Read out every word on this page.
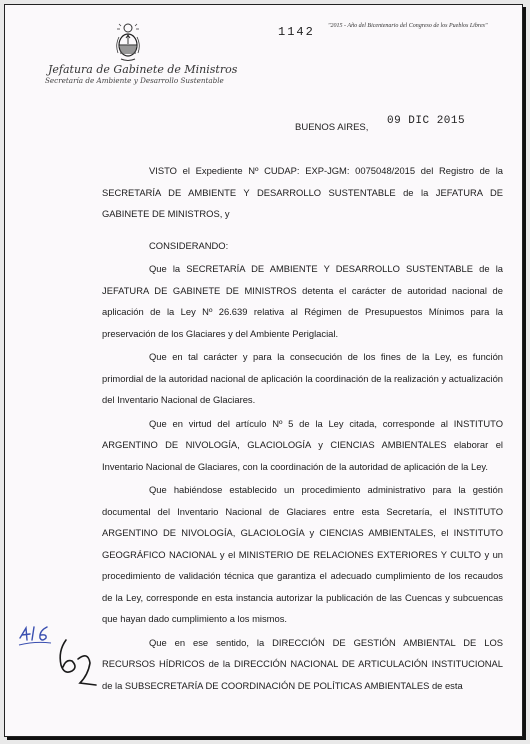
Jefatura de Gabinete de Ministros
Secretaría de Ambiente y Desarrollo Sustentable
1142 "2015 - Año del Bicentenario del Congreso de los Pueblos Libres"
BUENOS AIRES,
09 DIC 2015

VISTO el Expediente Nº CUDAP: EXP-JGM: 0075048/2015 del Registro de la SECRETARÍA DE AMBIENTE Y DESARROLLO SUSTENTABLE de la JEFATURA DE GABINETE DE MINISTROS, y

CONSIDERANDO:

Que la SECRETARÍA DE AMBIENTE Y DESARROLLO SUSTENTABLE de la JEFATURA DE GABINETE DE MINISTROS detenta el carácter de autoridad nacional de aplicación de la Ley Nº 26.639 relativa al Régimen de Presupuestos Mínimos para la preservación de los Glaciares y del Ambiente Periglacial.

Que en tal carácter y para la consecución de los fines de la Ley, es función primordial de la autoridad nacional de aplicación la coordinación de la realización y actualización del Inventario Nacional de Glaciares.

Que en virtud del artículo Nº 5 de la Ley citada, corresponde al INSTITUTO ARGENTINO DE NIVOLOGÍA, GLACIOLOGÍA y CIENCIAS AMBIENTALES elaborar el Inventario Nacional de Glaciares, con la coordinación de la autoridad de aplicación de la Ley.

Que habiéndose establecido un procedimiento administrativo para la gestión documental del Inventario Nacional de Glaciares entre esta Secretaría, el INSTITUTO ARGENTINO DE NIVOLOGÍA, GLACIOLOGÍA y CIENCIAS AMBIENTALES, el INSTITUTO GEOGRÁFICO NACIONAL y el MINISTERIO DE RELACIONES EXTERIORES Y CULTO y un procedimiento de validación técnica que garantiza el adecuado cumplimiento de los recaudos de la Ley, corresponde en esta instancia autorizar la publicación de las Cuencas y subcuencas que hayan dado cumplimiento a los mismos.

Que en ese sentido, la DIRECCIÓN DE GESTIÓN AMBIENTAL DE LOS RECURSOS HÍDRICOS de la DIRECCIÓN NACIONAL DE ARTICULACIÓN INSTITUCIONAL de la SUBSECRETARÍA DE COORDINACIÓN DE POLÍTICAS AMBIENTALES de esta
